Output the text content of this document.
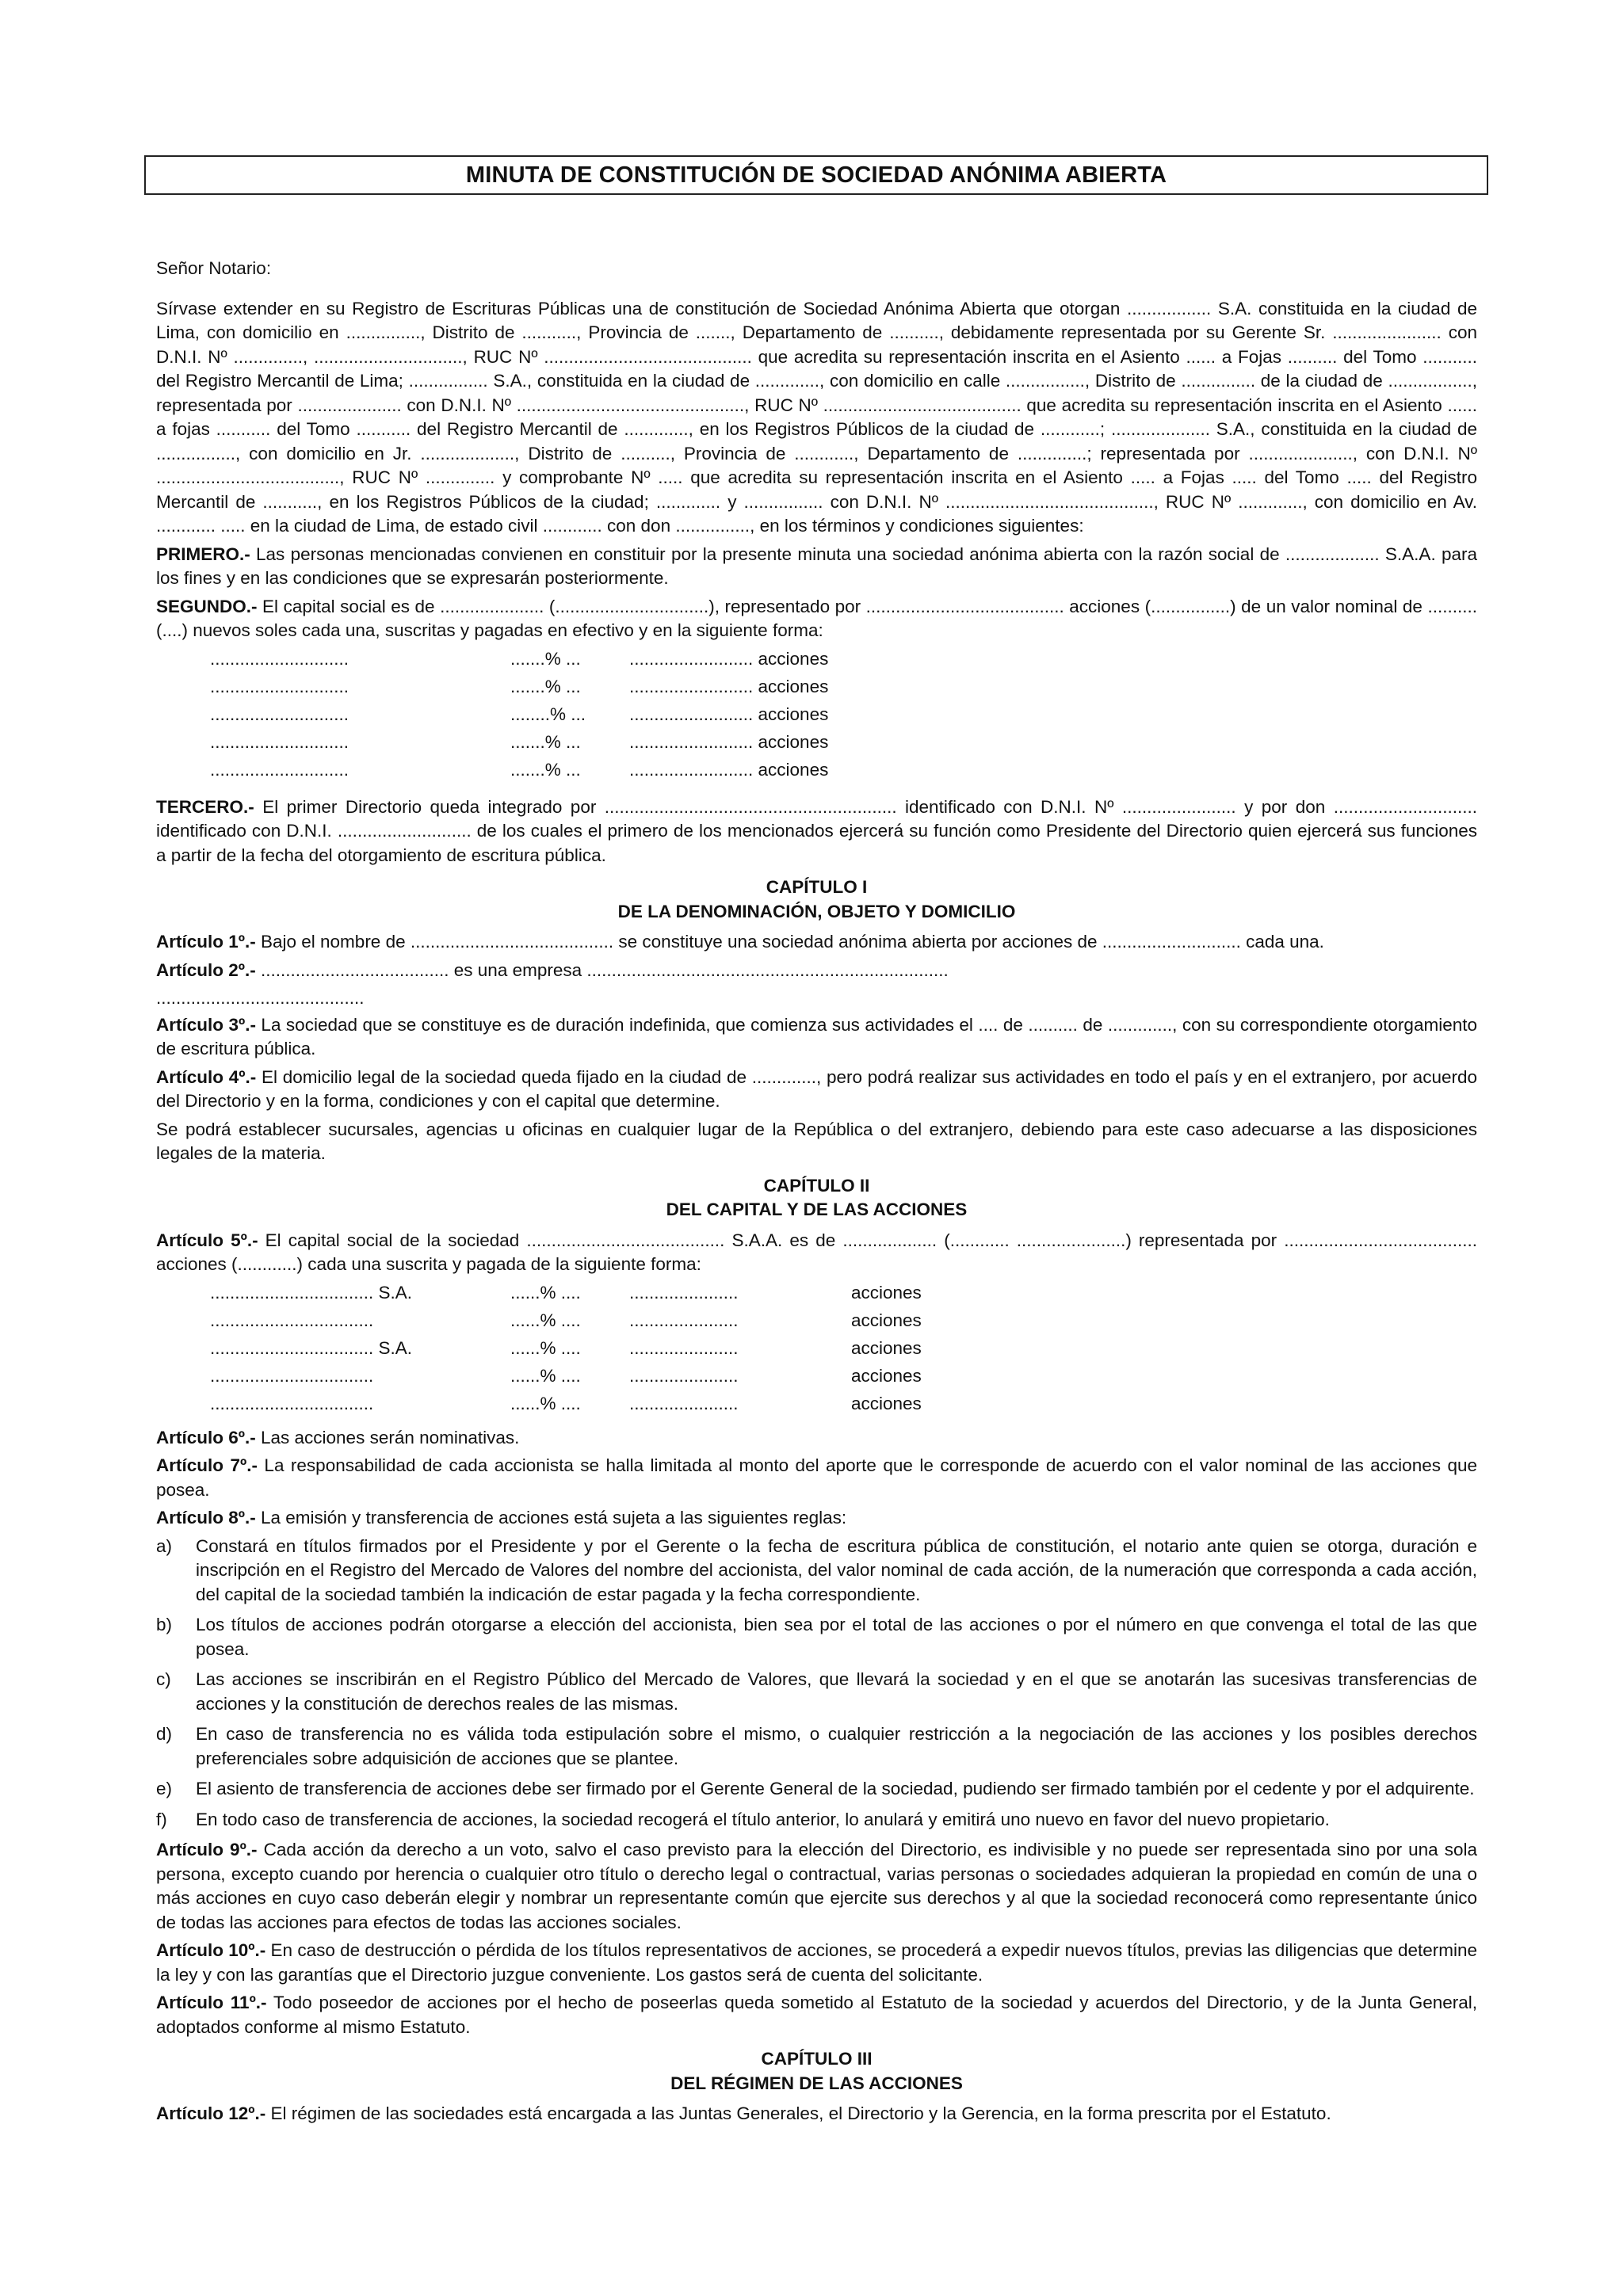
MINUTA DE CONSTITUCIÓN DE SOCIEDAD ANÓNIMA ABIERTA

Señor Notario:

Sírvase extender en su Registro de Escrituras Públicas una de constitución de Sociedad Anónima Abierta que otorgan ................. S.A. constituida en la ciudad de Lima, con domicilio en ..............., Distrito de ..........., Provincia de ......., Departamento de .........., debidamente representada por su Gerente Sr. ...................... con D.N.I. Nº .............., .............................., RUC Nº .......................................... que acredita su representación inscrita en el Asiento ...... a Fojas .......... del Tomo ........... del Registro Mercantil de Lima; ................ S.A., constituida en la ciudad de ............., con domicilio en calle ................, Distrito de ............... de la ciudad de ................., representada por ..................... con D.N.I. Nº .............................................., RUC Nº ........................................ que acredita su representación inscrita en el Asiento ...... a fojas ........... del Tomo ........... del Registro Mercantil de ............., en los Registros Públicos de la ciudad de ............; .................... S.A., constituida en la ciudad de ................, con domicilio en Jr. ..................., Distrito de .........., Provincia de ............, Departamento de ..............; representada por ....................., con D.N.I. Nº ....................................., RUC Nº .............. y comprobante Nº ..... que acredita su representación inscrita en el Asiento ..... a Fojas ..... del Tomo ..... del Registro Mercantil de ..........., en los Registros Públicos de la ciudad; ............. y ................ con D.N.I. Nº .........................................., RUC Nº ............., con domicilio en Av. ............ ..... en la ciudad de Lima, de estado civil ............ con don ..............., en los términos y condiciones siguientes:

PRIMERO.- Las personas mencionadas convienen en constituir por la presente minuta una sociedad anónima abierta con la razón social de ................... S.A.A. para los fines y en las condiciones que se expresarán posteriormente.

SEGUNDO.- El capital social es de ..................... (...............................), representado por ........................................ acciones (................) de un valor nominal de .......... (....) nuevos soles cada una, suscritas y pagadas en efectivo y en la siguiente forma:

............................	.......% ...	......................... acciones
............................	.......% ...	......................... acciones
............................	........% ... ......................... acciones
............................	.......% ...	......................... acciones
............................	.......% ...	......................... acciones

TERCERO.- El primer Directorio queda integrado por ........................................................... identificado con D.N.I. Nº ....................... y por don ............................. identificado con D.N.I. ........................... de los cuales el primero de los mencionados ejercerá su función como Presidente del Directorio quien ejercerá sus funciones a partir de la fecha del otorgamiento de escritura pública.

CAPÍTULO I

DE LA DENOMINACIÓN, OBJETO Y DOMICILIO

Artículo 1º.- Bajo el nombre de ......................................... se constituye una sociedad anónima abierta por acciones de ............................ cada una.

Artículo 2º.- ...................................... es una empresa .........................................................................

..........................................

Artículo 3º.- La sociedad que se constituye es de duración indefinida, que comienza sus actividades el .... de .......... de ............., con su correspondiente otorgamiento de escritura pública.

Artículo 4º.- El domicilio legal de la sociedad queda fijado en la ciudad de ............., pero podrá realizar sus actividades en todo el país y en el extranjero, por acuerdo del Directorio y en la forma, condiciones y con el capital que determine.

Se podrá establecer sucursales, agencias u oficinas en cualquier lugar de la República o del extranjero, debiendo para este caso adecuarse a las disposiciones legales de la materia.

CAPÍTULO II

DEL CAPITAL Y DE LAS ACCIONES

Artículo 5º.- El capital social de la sociedad ........................................ S.A.A. es de ................... (............ ......................) representada por ....................................... acciones (............) cada una suscrita y pagada de la siguiente forma:

................................. S.A.	......% ....	......................	acciones
.................................	......% ....	......................	acciones
................................. S.A.	......% ....	......................	acciones
.................................	......% ....	......................	acciones
.................................	......% ....	......................	acciones

Artículo 6º.- Las acciones serán nominativas.

Artículo 7º.- La responsabilidad de cada accionista se halla limitada al monto del aporte que le corresponde de acuerdo con el valor nominal de las acciones que posea.

Artículo 8º.- La emisión y transferencia de acciones está sujeta a las siguientes reglas:

a)	Constará en títulos firmados por el Presidente y por el Gerente o la fecha de escritura pública de constitución, el notario ante quien se otorga, duración e inscripción en el Registro del Mercado de Valores del nombre del accionista, del valor nominal de cada acción, de la numeración que corresponda a cada acción, del capital de la sociedad también la indicación de estar pagada y la fecha correspondiente.
b)	Los títulos de acciones podrán otorgarse a elección del accionista, bien sea por el total de las acciones o por el número en que convenga el total de las que posea.
c)	Las acciones se inscribirán en el Registro Público del Mercado de Valores, que llevará la sociedad y en el que se anotarán las sucesivas transferencias de acciones y la constitución de derechos reales de las mismas.
d)	En caso de transferencia no es válida toda estipulación sobre el mismo, o cualquier restricción a la negociación de las acciones y los posibles derechos preferenciales sobre adquisición de acciones que se plantee.
e)	El asiento de transferencia de acciones debe ser firmado por el Gerente General de la sociedad, pudiendo ser firmado también por el cedente y por el adquirente.
f)	En todo caso de transferencia de acciones, la sociedad recogerá el título anterior, lo anulará y emitirá uno nuevo en favor del nuevo propietario.

Artículo 9º.- Cada acción da derecho a un voto, salvo el caso previsto para la elección del Directorio, es indivisible y no puede ser representada sino por una sola persona, excepto cuando por herencia o cualquier otro título o derecho legal o contractual, varias personas o sociedades adquieran la propiedad en común de una o más acciones en cuyo caso deberán elegir y nombrar un representante común que ejercite sus derechos y al que la sociedad reconocerá como representante único de todas las acciones para efectos de todas las acciones sociales.

Artículo 10º.- En caso de destrucción o pérdida de los títulos representativos de acciones, se procederá a expedir nuevos títulos, previas las diligencias que determine la ley y con las garantías que el Directorio juzgue conveniente. Los gastos será de cuenta del solicitante.

Artículo 11º.- Todo poseedor de acciones por el hecho de poseerlas queda sometido al Estatuto de la sociedad y acuerdos del Directorio, y de la Junta General, adoptados conforme al mismo Estatuto.

CAPÍTULO III

DEL RÉGIMEN DE LAS ACCIONES

Artículo 12º.- El régimen de las sociedades está encargada a las Juntas Generales, el Directorio y la Gerencia, en la forma prescrita por el Estatuto.
